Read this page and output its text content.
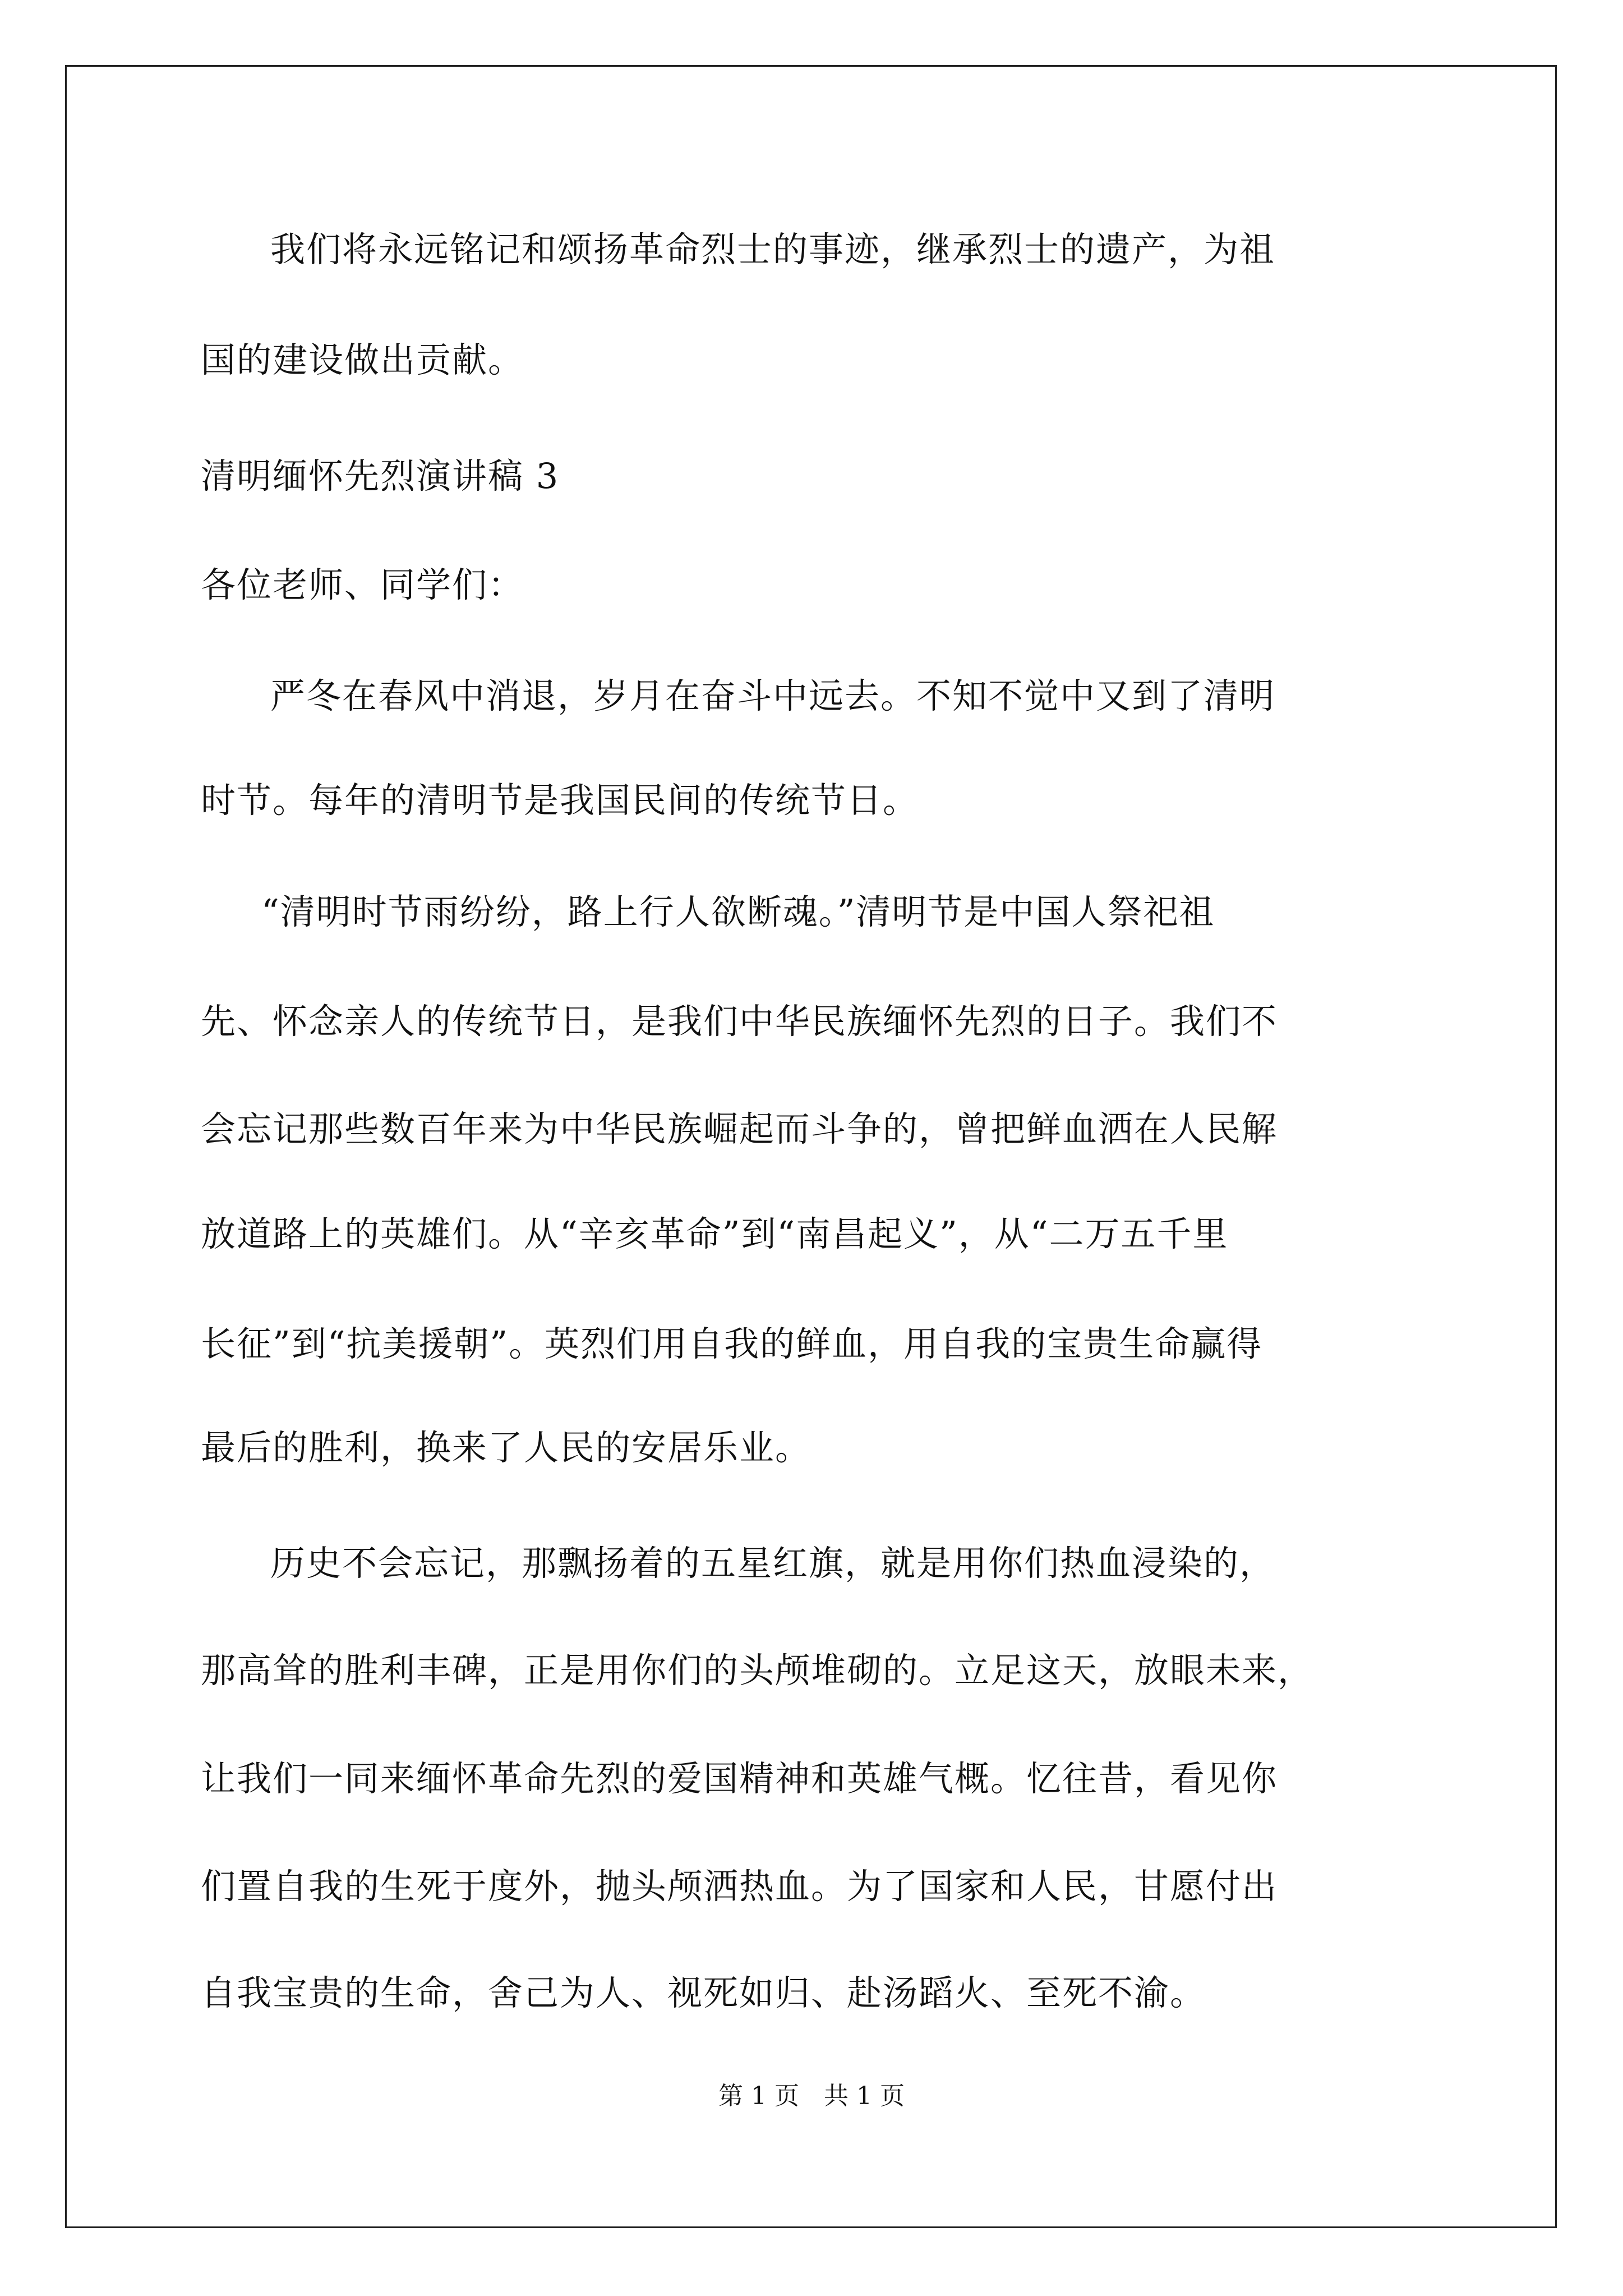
我们将永远铭记和颂扬革命烈士的事迹，继承烈士的遗产，为祖
国的建设做出贡献。
清明缅怀先烈演讲稿 3
各位老师、同学们：
严冬在春风中消退，岁月在奋斗中远去。不知不觉中又到了清明
时节。每年的清明节是我国民间的传统节日。
“清明时节雨纷纷，路上行人欲断魂。”清明节是中国人祭祀祖
先、怀念亲人的传统节日，是我们中华民族缅怀先烈的日子。我们不
会忘记那些数百年来为中华民族崛起而斗争的，曾把鲜血洒在人民解
放道路上的英雄们。从“辛亥革命”到“南昌起义”，从“二万五千里
长征”到“抗美援朝”。英烈们用自我的鲜血，用自我的宝贵生命赢得
最后的胜利，换来了人民的安居乐业。
历史不会忘记，那飘扬着的五星红旗，就是用你们热血浸染的，
那高耸的胜利丰碑，正是用你们的头颅堆砌的。立足这天，放眼未来，
让我们一同来缅怀革命先烈的爱国精神和英雄气概。忆往昔，看见你
们置自我的生死于度外，抛头颅洒热血。为了国家和人民，甘愿付出
自我宝贵的生命，舍己为人、视死如归、赴汤蹈火、至死不渝。
第 1 页 共 1 页
